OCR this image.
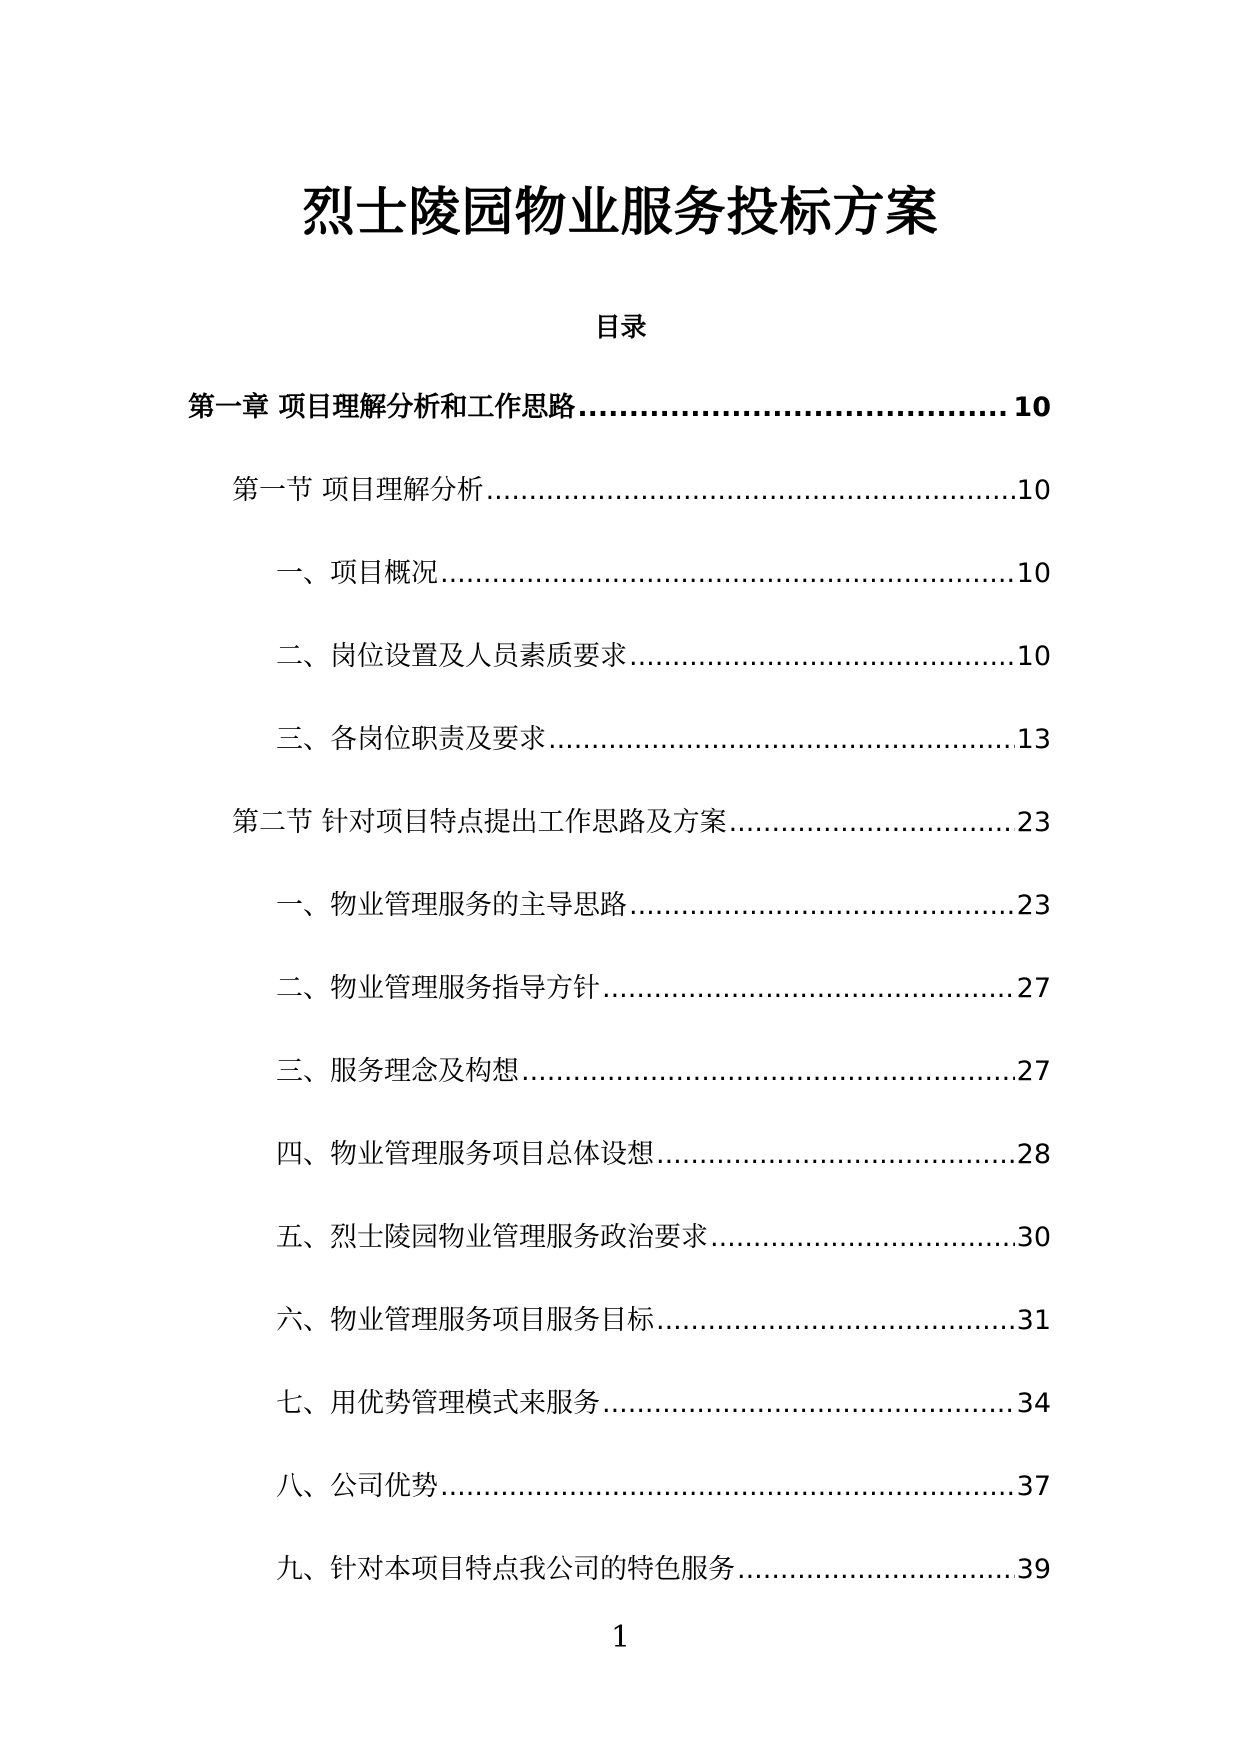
烈士陵园物业服务投标方案
目录
第一章 项目理解分析和工作思路 .....	10
第一节 项目理解分析 .....	10
一、项目概况 .....	10
二、岗位设置及人员素质要求 .....	10
三、各岗位职责及要求 .....	13
第二节 针对项目特点提出工作思路及方案 .....	23
一、物业管理服务的主导思路 .....	23
二、物业管理服务指导方针 .....	27
三、服务理念及构想 .....	27
四、物业管理服务项目总体设想 .....	28
五、烈士陵园物业管理服务政治要求 .....	30
六、物业管理服务项目服务目标 .....	31
七、用优势管理模式来服务 .....	34
八、公司优势 .....	37
九、针对本项目特点我公司的特色服务 .....	39
1
